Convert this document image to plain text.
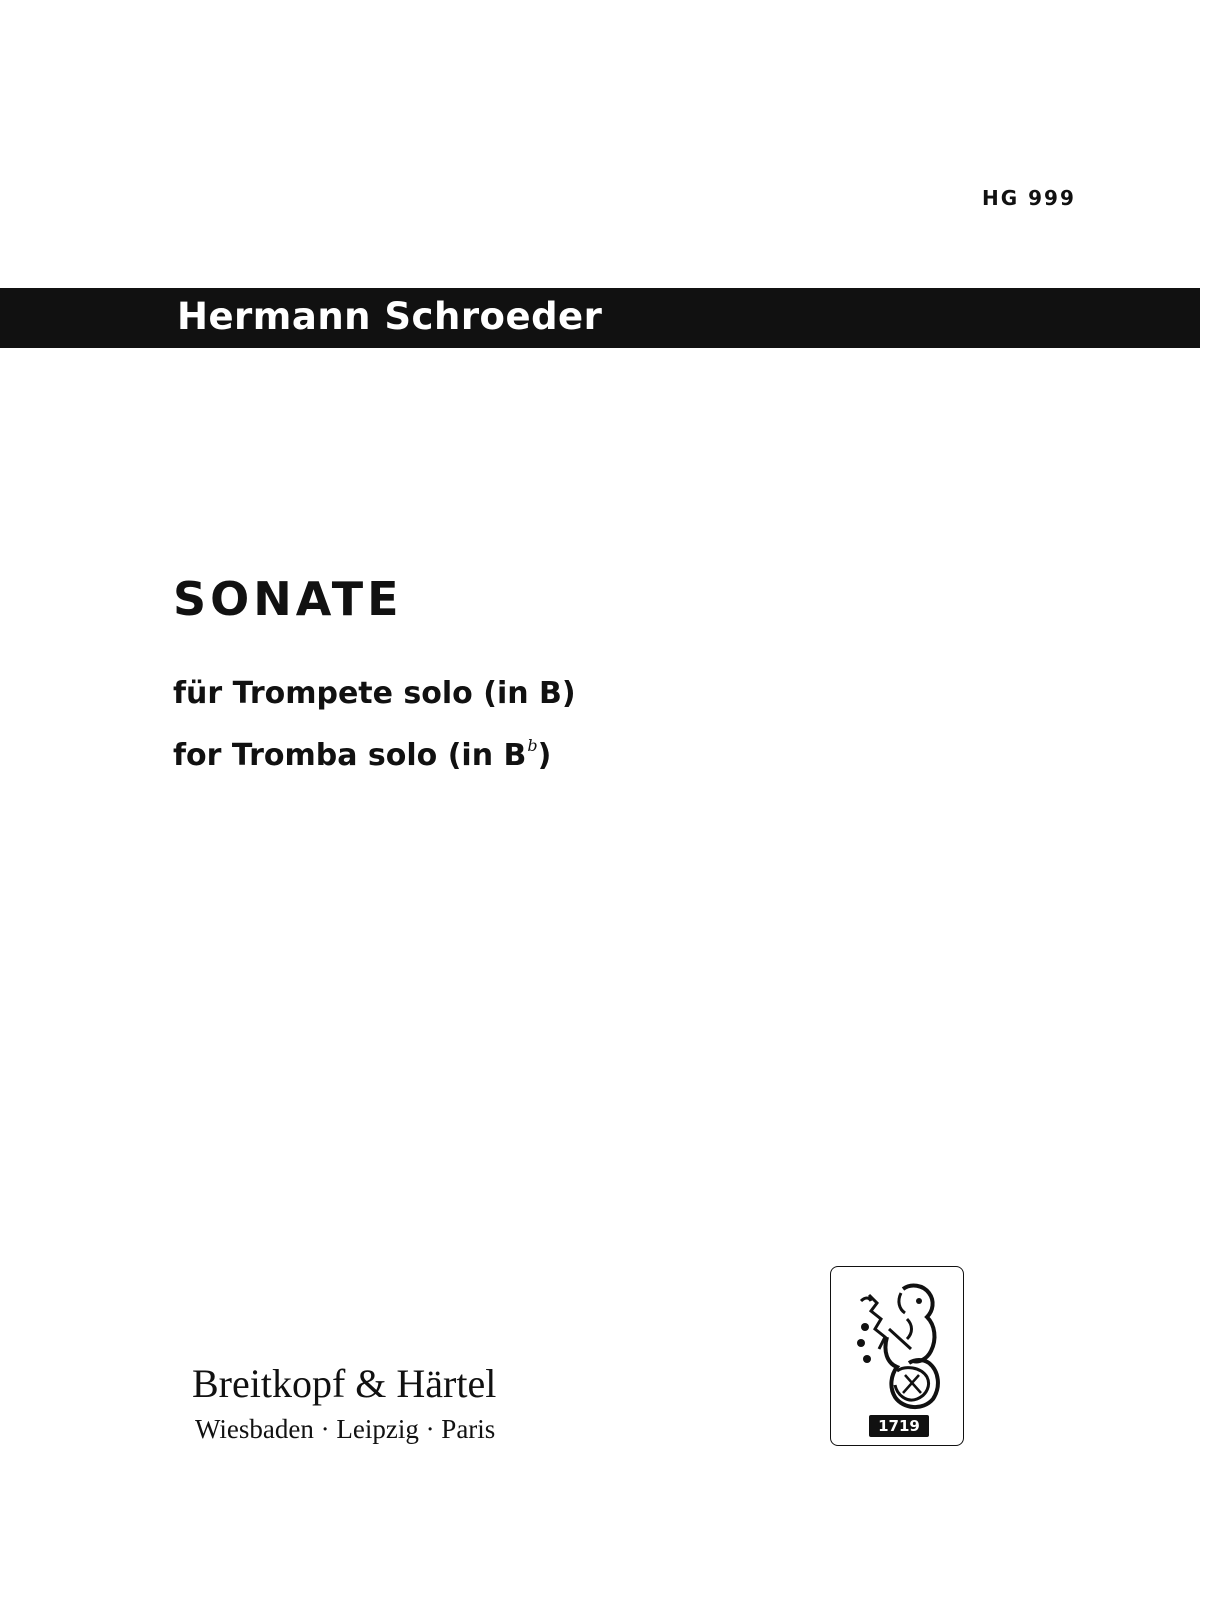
HG 999
Hermann Schroeder
SONATE
für Trompete solo (in B)
for Tromba solo (in $B^b$)
Breitkopf & Härtel
Wiesbaden · Leipzig · Paris	1719
